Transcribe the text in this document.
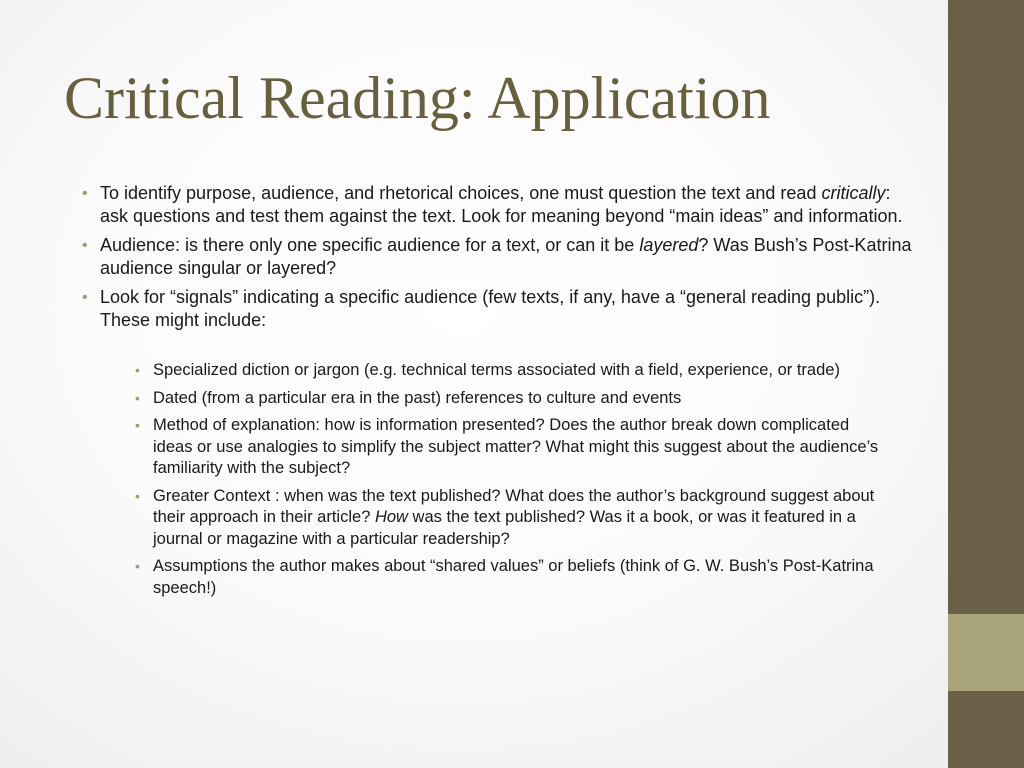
Critical Reading: Application
• To identify purpose, audience, and rhetorical choices, one must question the text and read critically: ask questions and test them against the text. Look for meaning beyond “main ideas” and information.
• Audience: is there only one specific audience for a text, or can it be layered? Was Bush’s Post-Katrina audience singular or layered?
• Look for “signals” indicating a specific audience (few texts, if any, have a “general reading public”). These might include:
• Specialized diction or jargon (e.g. technical terms associated with a field, experience, or trade)
• Dated (from a particular era in the past) references to culture and events
• Method of explanation: how is information presented? Does the author break down complicated ideas or use analogies to simplify the subject matter? What might this suggest about the audience’s familiarity with the subject?
• Greater Context : when was the text published? What does the author’s background suggest about their approach in their article? How was the text published? Was it a book, or was it featured in a journal or magazine with a particular readership?
• Assumptions the author makes about “shared values” or beliefs (think of G. W. Bush’s Post-Katrina speech!)
